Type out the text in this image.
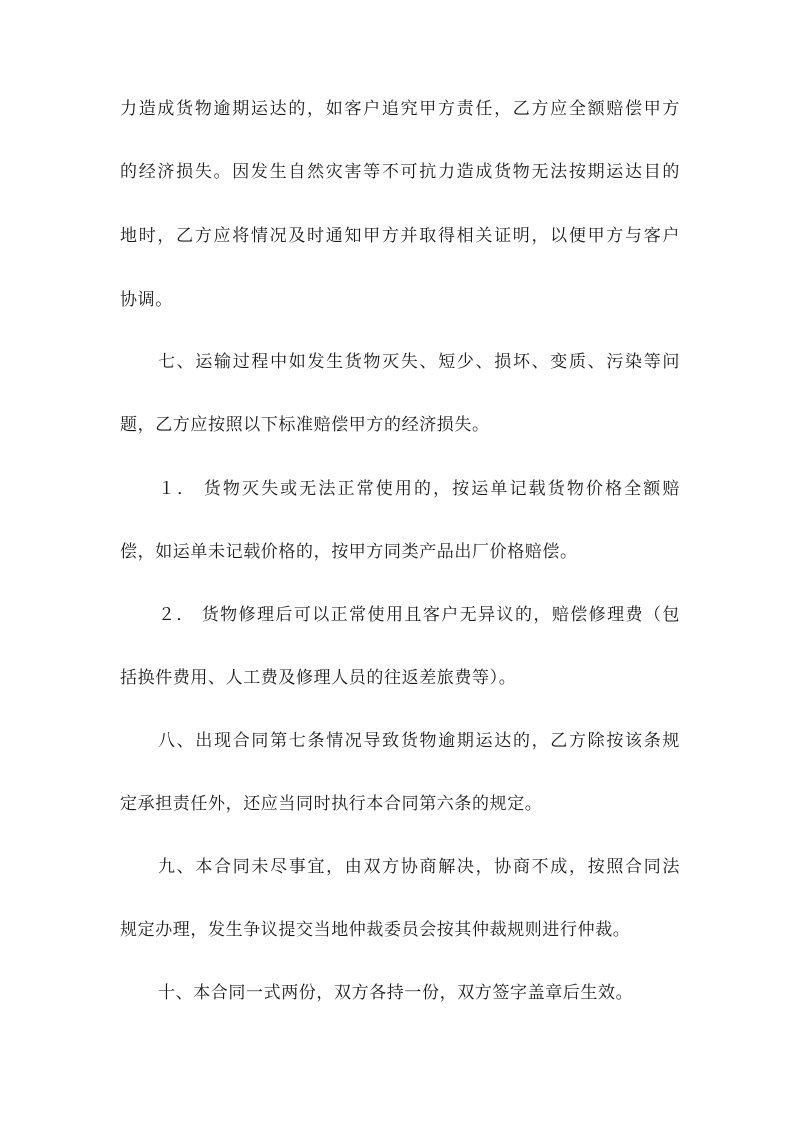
力造成货物逾期运达的，如客户追究甲方责任，乙方应全额赔偿甲方
的经济损失。因发生自然灾害等不可抗力造成货物无法按期运达目的
地时，乙方应将情况及时通知甲方并取得相关证明，以便甲方与客户
协调。
七、运输过程中如发生货物灭失、短少、损坏、变质、污染等问
题，乙方应按照以下标准赔偿甲方的经济损失。
１． 货物灭失或无法正常使用的，按运单记载货物价格全额赔
偿，如运单未记载价格的，按甲方同类产品出厂价格赔偿。
２． 货物修理后可以正常使用且客户无异议的，赔偿修理费（包
括换件费用、人工费及修理人员的往返差旅费等）。
八、出现合同第七条情况导致货物逾期运达的，乙方除按该条规
定承担责任外，还应当同时执行本合同第六条的规定。
九、本合同未尽事宜，由双方协商解决，协商不成，按照合同法
规定办理，发生争议提交当地仲裁委员会按其仲裁规则进行仲裁。
十、本合同一式两份，双方各持一份，双方签字盖章后生效。
